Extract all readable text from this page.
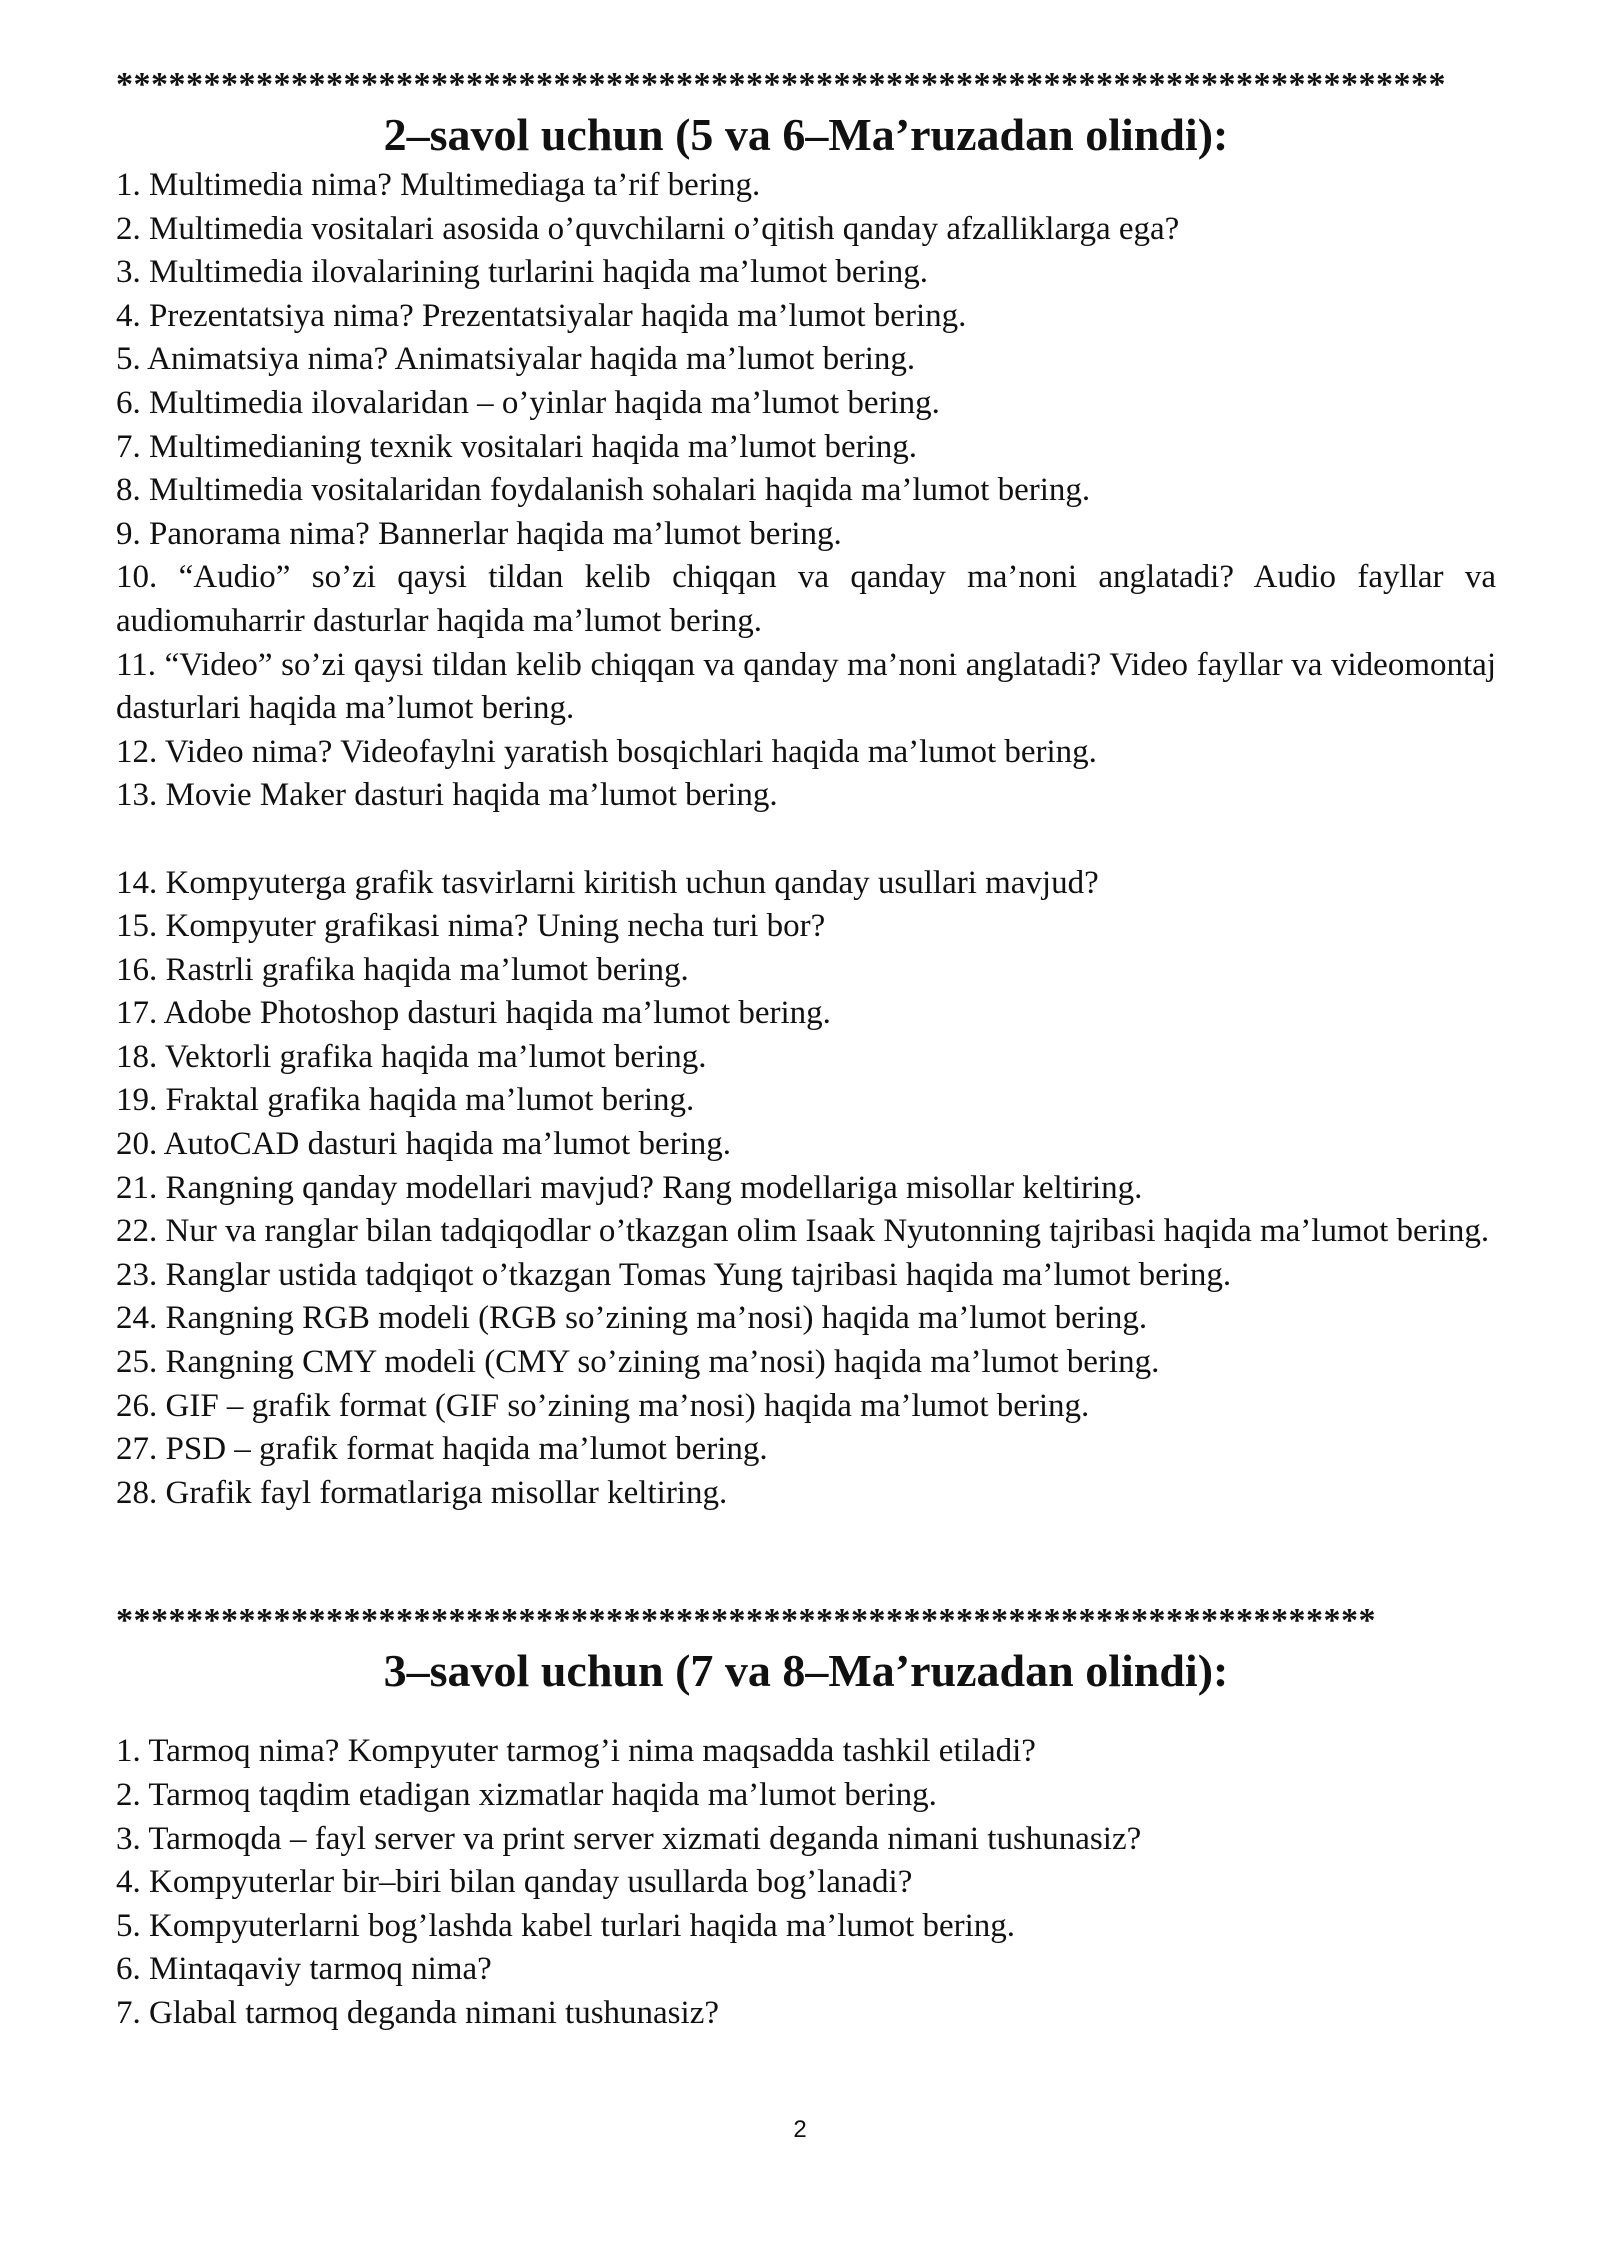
****************************************************************************
2–savol uchun (5 va 6–Ma’ruzadan olindi):

1. Multimedia nima? Multimediaga ta’rif bering.

2. Multimedia vositalari asosida o’quvchilarni o’qitish qanday afzalliklarga ega?

3. Multimedia ilovalarining turlarini haqida ma’lumot bering.

4. Prezentatsiya nima? Prezentatsiyalar haqida ma’lumot bering.

5. Animatsiya nima? Animatsiyalar haqida ma’lumot bering.

6. Multimedia ilovalaridan – o’yinlar haqida ma’lumot bering.

7. Multimedianing texnik vositalari haqida ma’lumot bering.

8. Multimedia vositalaridan foydalanish sohalari haqida ma’lumot bering.

9. Panorama nima? Bannerlar haqida ma’lumot bering.

10. “Audio” so’zi qaysi tildan kelib chiqqan va qanday ma’noni anglatadi? Audio fayllar va audiomuharrir dasturlar haqida ma’lumot bering.

11. “Video” so’zi qaysi tildan kelib chiqqan va qanday ma’noni anglatadi? Video fayllar va videomontaj dasturlari haqida ma’lumot bering.

12. Video nima? Videofaylni yaratish bosqichlari haqida ma’lumot bering.

13. Movie Maker dasturi haqida ma’lumot bering.

14. Kompyuterga grafik tasvirlarni kiritish uchun qanday usullari mavjud?

15. Kompyuter grafikasi nima? Uning necha turi bor?

16. Rastrli grafika haqida ma’lumot bering.

17. Adobe Photoshop dasturi haqida ma’lumot bering.

18. Vektorli grafika haqida ma’lumot bering.

19. Fraktal grafika haqida ma’lumot bering.

20. AutoCAD dasturi haqida ma’lumot bering.

21. Rangning qanday modellari mavjud? Rang modellariga misollar keltiring.

22. Nur va ranglar bilan tadqiqodlar o’tkazgan olim Isaak Nyutonning tajribasi haqida ma’lumot bering.

23. Ranglar ustida tadqiqot o’tkazgan Tomas Yung tajribasi haqida ma’lumot bering.

24. Rangning RGB modeli (RGB so’zining ma’nosi) haqida ma’lumot bering.

25. Rangning CMY modeli (CMY so’zining ma’nosi) haqida ma’lumot bering.

26. GIF – grafik format (GIF so’zining ma’nosi) haqida ma’lumot bering.

27. PSD – grafik format haqida ma’lumot bering.

28. Grafik fayl formatlariga misollar keltiring.

************************************************************************
3–savol uchun (7 va 8–Ma’ruzadan olindi):

1. Tarmoq nima? Kompyuter tarmog’i nima maqsadda tashkil etiladi?

2. Tarmoq taqdim etadigan xizmatlar haqida ma’lumot bering.

3. Tarmoqda – fayl server va print server xizmati deganda nimani tushunasiz?

4. Kompyuterlar bir–biri bilan qanday usullarda bog’lanadi?

5. Kompyuterlarni bog’lashda kabel turlari haqida ma’lumot bering.

6. Mintaqaviy tarmoq nima?

7. Glabal tarmoq deganda nimani tushunasiz?

2
